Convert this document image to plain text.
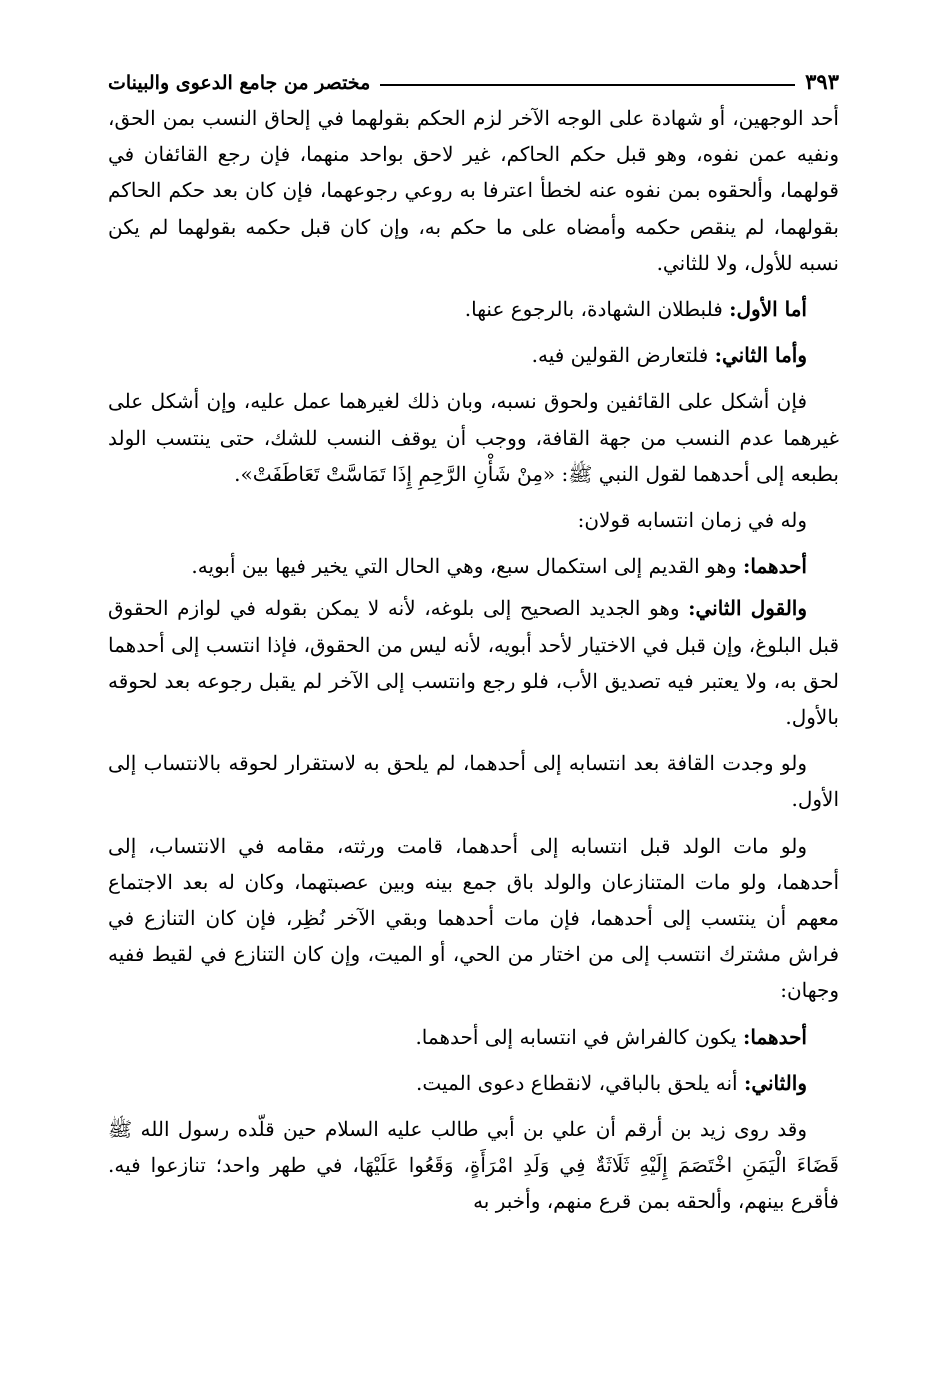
مختصر من جامع الدعوى والبينات	٣٩٣

أحد الوجهين، أو شهادة على الوجه الآخر لزم الحكم بقولهما في إلحاق النسب بمن الحق، ونفيه عمن نفوه، وهو قبل حكم الحاكم، غير لاحق بواحد منهما، فإن رجع القائفان في قولهما، وألحقوه بمن نفوه عنه لخطأ اعترفا به روعي رجوعهما، فإن كان بعد حكم الحاكم بقولهما، لم ينقص حكمه وأمضاه على ما حكم به، وإن كان قبل حكمه بقولهما لم يكن نسبه للأول، ولا للثاني.

أما الأول: فلبطلان الشهادة، بالرجوع عنها.

وأما الثاني: فلتعارض القولين فيه.

فإن أشكل على القائفين ولحوق نسبه، وبان ذلك لغيرهما عمل عليه، وإن أشكل على غيرهما عدم النسب من جهة القافة، ووجب أن يوقف النسب للشك، حتى ينتسب الولد بطبعه إلى أحدهما لقول النبي ﷺ: «مِنْ شَأْنِ الرَّحِمِ إِذَا تَمَاسَّتْ تَعَاطَفَتْ».

وله في زمان انتسابه قولان:

أحدهما: وهو القديم إلى استكمال سبع، وهي الحال التي يخير فيها بين أبويه.

والقول الثاني: وهو الجديد الصحيح إلى بلوغه، لأنه لا يمكن بقوله في لوازم الحقوق قبل البلوغ، وإن قبل في الاختيار لأحد أبويه، لأنه ليس من الحقوق، فإذا انتسب إلى أحدهما لحق به، ولا يعتبر فيه تصديق الأب، فلو رجع وانتسب إلى الآخر لم يقبل رجوعه بعد لحوقه بالأول.

ولو وجدت القافة بعد انتسابه إلى أحدهما، لم يلحق به لاستقرار لحوقه بالانتساب إلى الأول.

ولو مات الولد قبل انتسابه إلى أحدهما، قامت ورثته، مقامه في الانتساب، إلى أحدهما، ولو مات المتنازعان والولد باق جمع بينه وبين عصبتهما، وكان له بعد الاجتماع معهم أن ينتسب إلى أحدهما، فإن مات أحدهما وبقي الآخر نُظِر، فإن كان التنازع في فراش مشترك انتسب إلى من اختار من الحي، أو الميت، وإن كان التنازع في لقيط ففيه وجهان:

أحدهما: يكون كالفراش في انتسابه إلى أحدهما.

والثاني: أنه يلحق بالباقي، لانقطاع دعوى الميت.

وقد روى زيد بن أرقم أن علي بن أبي طالب عليه السلام حين قلّده رسول الله ﷺ قَضَاءَ الْيَمَنِ اخْتَصَمَ إِلَيْهِ ثَلَاثَةٌ فِي وَلَدِ امْرَأَةٍ، وَقَعُوا عَلَيْهَا، في طهر واحد؛ تنازعوا فيه. فأقرع بينهم، وألحقه بمن قرع منهم، وأخبر به
